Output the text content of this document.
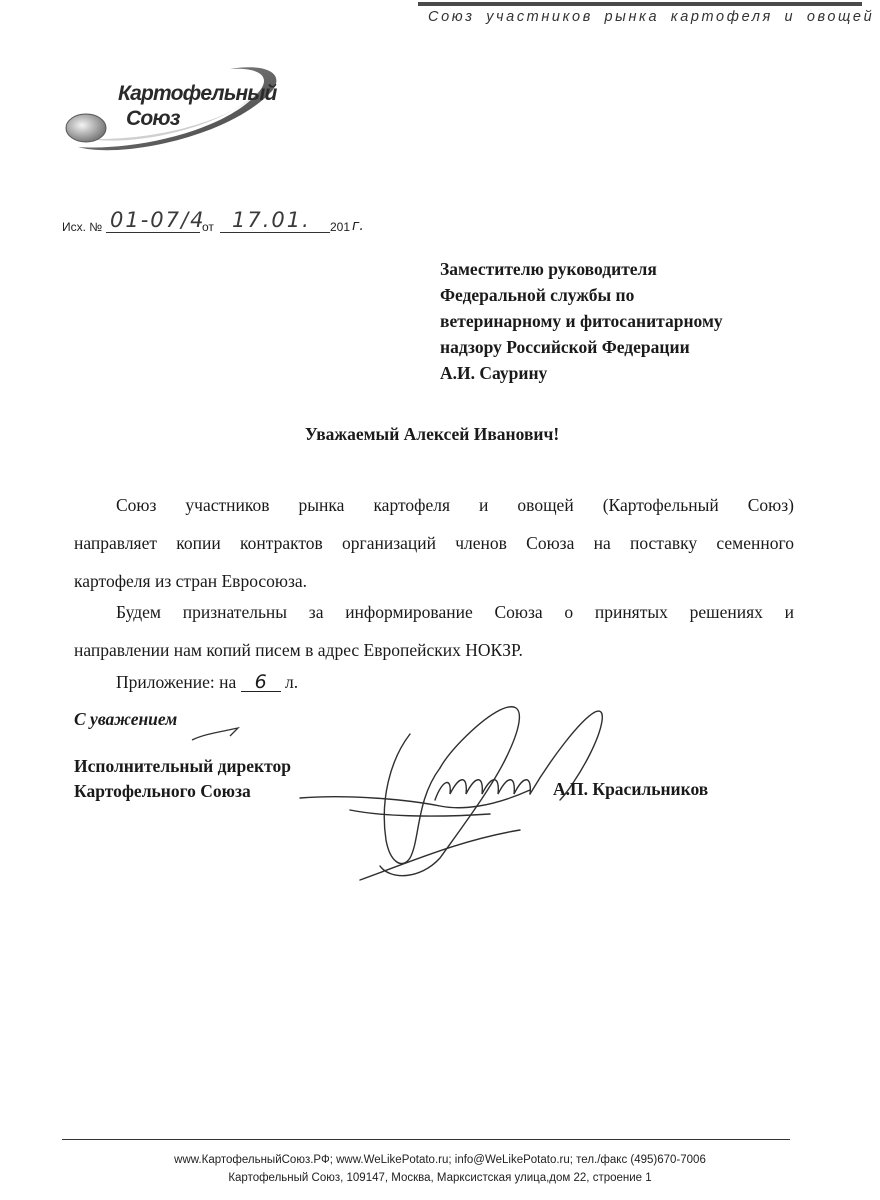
Союз участников рынка картофеля и овощей
Картофельный
Союз
Исх. № 01-07/4
от 17.01. 201 г.
Заместителю руководителя
Федеральной службы по
ветеринарному и фитосанитарному
надзору Российской Федерации
А.И. Саурину
Уважаемый Алексей Иванович!
Союз участников рынка картофеля и овощей (Картофельный Союз)
направляет копии контрактов организаций членов Союза на поставку семенного
картофеля из стран Евросоюза.
Будем признательны за информирование Союза о принятых решениях и
направлении нам копий писем в адрес Европейских НОКЗР.
Приложение: на 6 л.
С уважением
Исполнительный директор
Картофельного Союза	А.П. Красильников
www.КартофельныйСоюз.РФ; www.WeLikePotato.ru; info@WeLikePotato.ru; тел./факс (495)670-7006
Картофельный Союз, 109147, Москва, Марксистская улица,дом 22, строение 1
